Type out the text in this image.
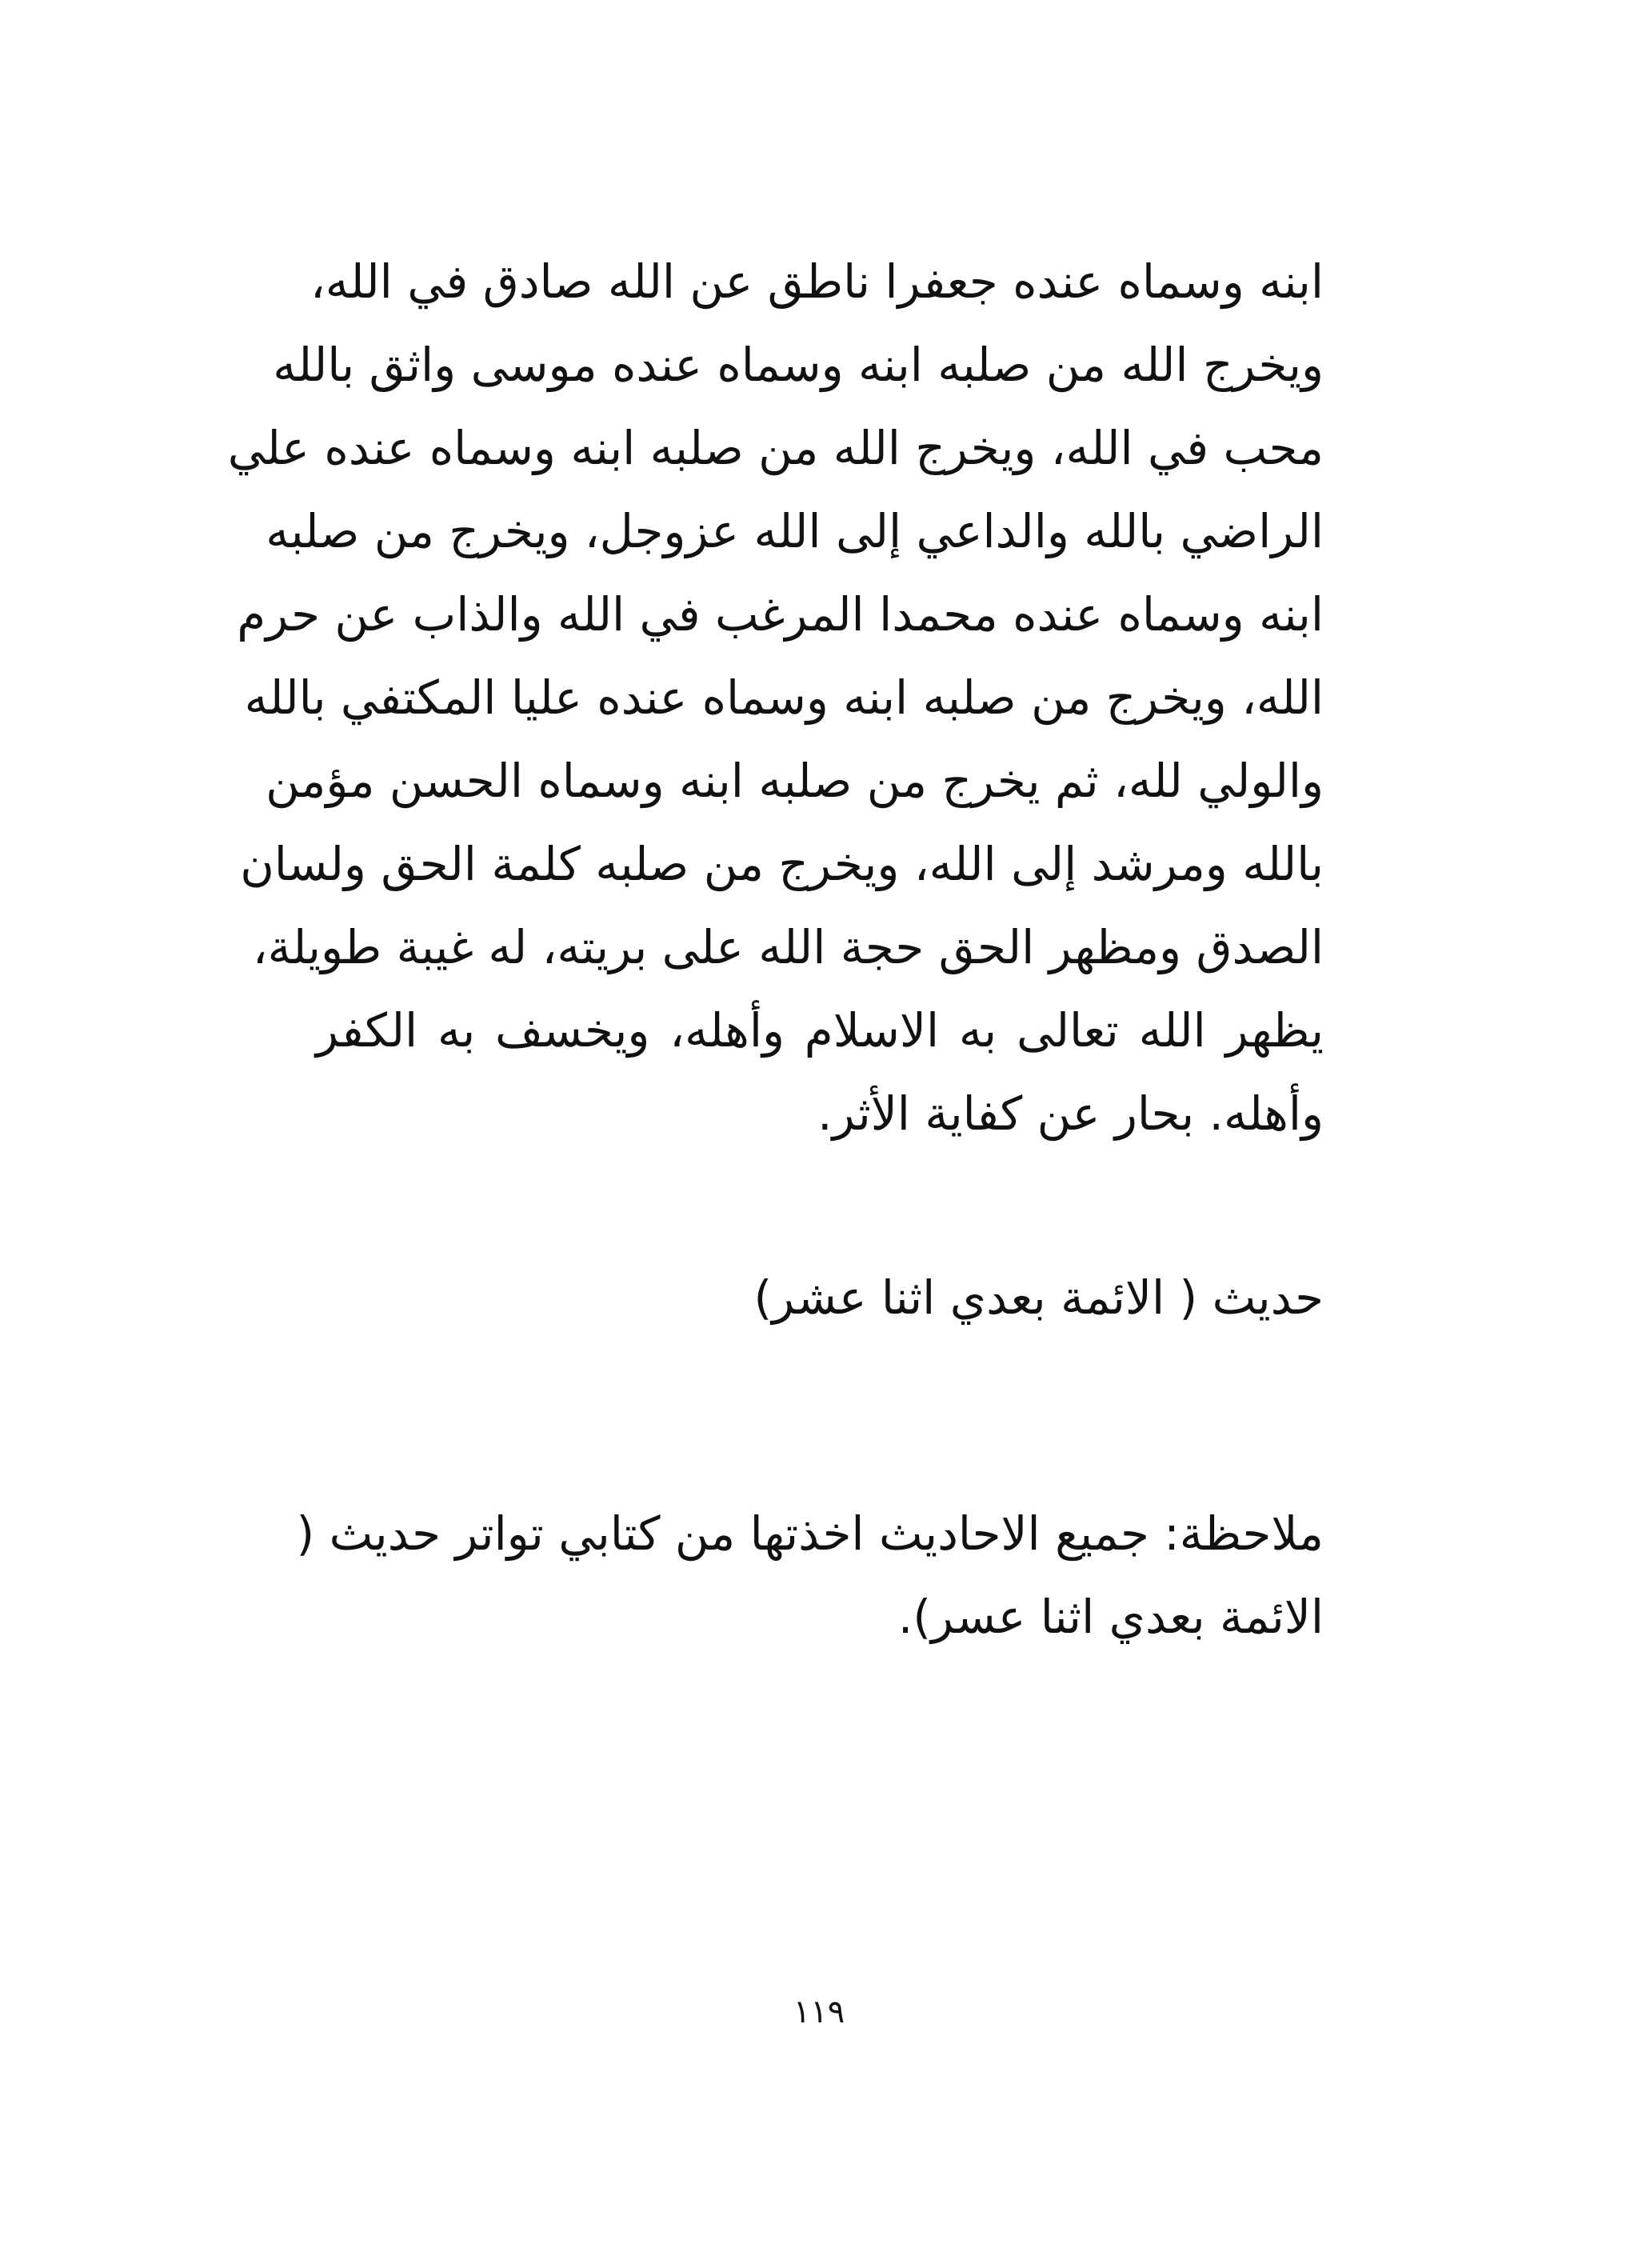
ابنه وسماه عنده جعفرا ناطق عن الله صادق في الله،
ويخرج الله من صلبه ابنه وسماه عنده موسى واثق بالله
محب في الله، ويخرج الله من صلبه ابنه وسماه عنده علي
الراضي بالله والداعي إلى الله عزوجل، ويخرج من صلبه
ابنه وسماه عنده محمدا المرغب في الله والذاب عن حرم
الله، ويخرج من صلبه ابنه وسماه عنده عليا المكتفي بالله
والولي لله، ثم يخرج من صلبه ابنه وسماه الحسن مؤمن
بالله ومرشد إلى الله، ويخرج من صلبه كلمة الحق ولسان
الصدق ومظهر الحق حجة الله على بريته، له غيبة طويلة،
يظهر الله تعالى به الاسلام وأهله، ويخسف به الكفر
وأهله. بحار عن كفاية الأثر.
حديث ( الائمة بعدي اثنا عشر)
ملاحظة: جميع الاحاديث اخذتها من كتابي تواتر حديث (
الائمة بعدي اثنا عسر).
١١٩
